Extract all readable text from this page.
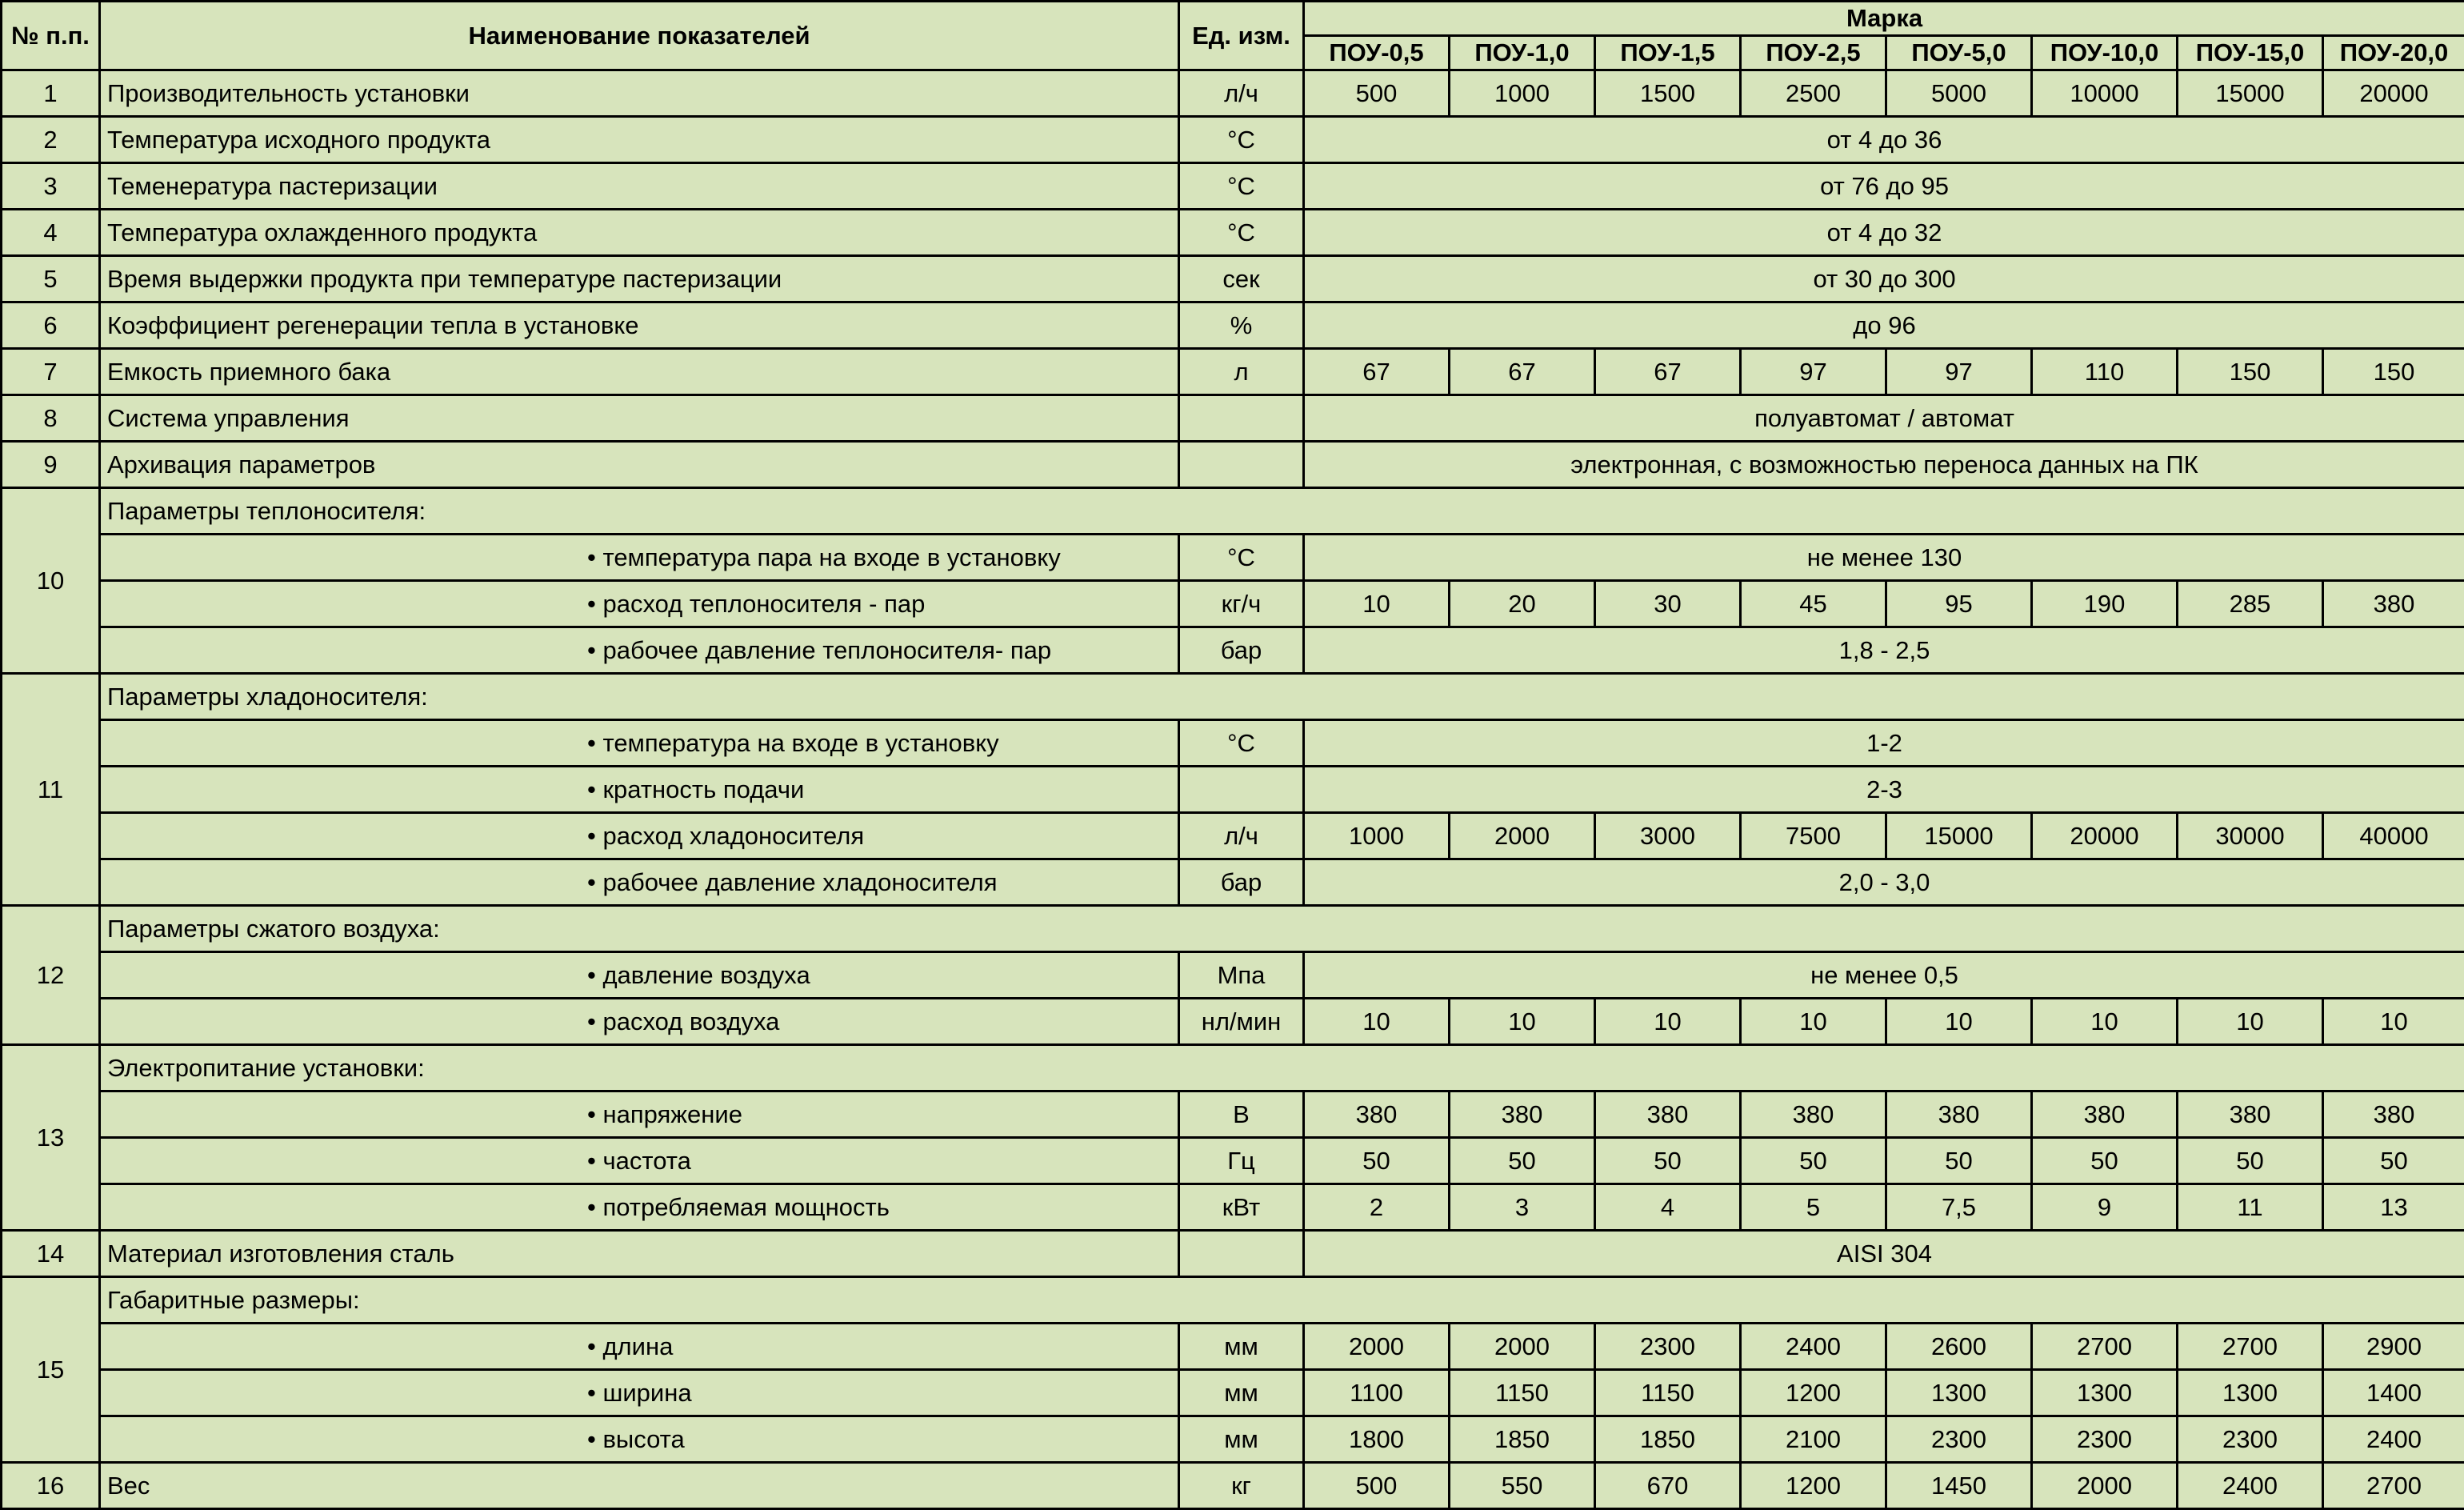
№ п.п.	Наименование показателей	Ед. изм.	Марка							
			ПОУ-0,5	ПОУ-1,0	ПОУ-1,5	ПОУ-2,5	ПОУ-5,0	ПОУ-10,0	ПОУ-15,0	ПОУ-20,0
1	Производительность установки	л/ч	500	1000	1500	2500	5000	10000	15000	20000
2	Температура исходного продукта	°С	от 4 до 36							
3	Теменература пастеризации	°С	от 76 до 95							
4	Температура охлажденного продукта	°С	от 4 до 32							
5	Время выдержки продукта при температуре пастеризации	сек	от 30 до 300							
6	Коэффициент регенерации тепла в установке	%	до 96							
7	Емкость приемного бака	л	67	67	67	97	97	110	150	150
8	Система управления		полуавтомат / автомат							
9	Архивация параметров		электронная, с возможностью переноса данных на ПК							
10	Параметры теплоносителя:									
	• температура пара на входе в установку	°С	не менее 130							
	• расход теплоносителя - пар	кг/ч	10	20	30	45	95	190	285	380
	• рабочее давление теплоносителя- пар	бар	1,8 - 2,5							
11	Параметры хладоносителя:									
	• температура на входе в установку	°С	1-2							
	• кратность подачи		2-3							
	• расход хладоносителя	л/ч	1000	2000	3000	7500	15000	20000	30000	40000
	• рабочее давление хладоносителя	бар	2,0 - 3,0							
12	Параметры сжатого воздуха:									
	• давление воздуха	Мпа	не менее 0,5							
	• расход воздуха	нл/мин	10	10	10	10	10	10	10	10
13	Электропитание установки:									
	• напряжение	В	380	380	380	380	380	380	380	380
	• частота	Гц	50	50	50	50	50	50	50	50
	• потребляемая мощность	кВт	2	3	4	5	7,5	9	11	13
14	Материал изготовления сталь		AISI 304							
15	Габаритные размеры:									
	• длина	мм	2000	2000	2300	2400	2600	2700	2700	2900
	• ширина	мм	1100	1150	1150	1200	1300	1300	1300	1400
	• высота	мм	1800	1850	1850	2100	2300	2300	2300	2400
16	Вес	кг	500	550	670	1200	1450	2000	2400	2700
